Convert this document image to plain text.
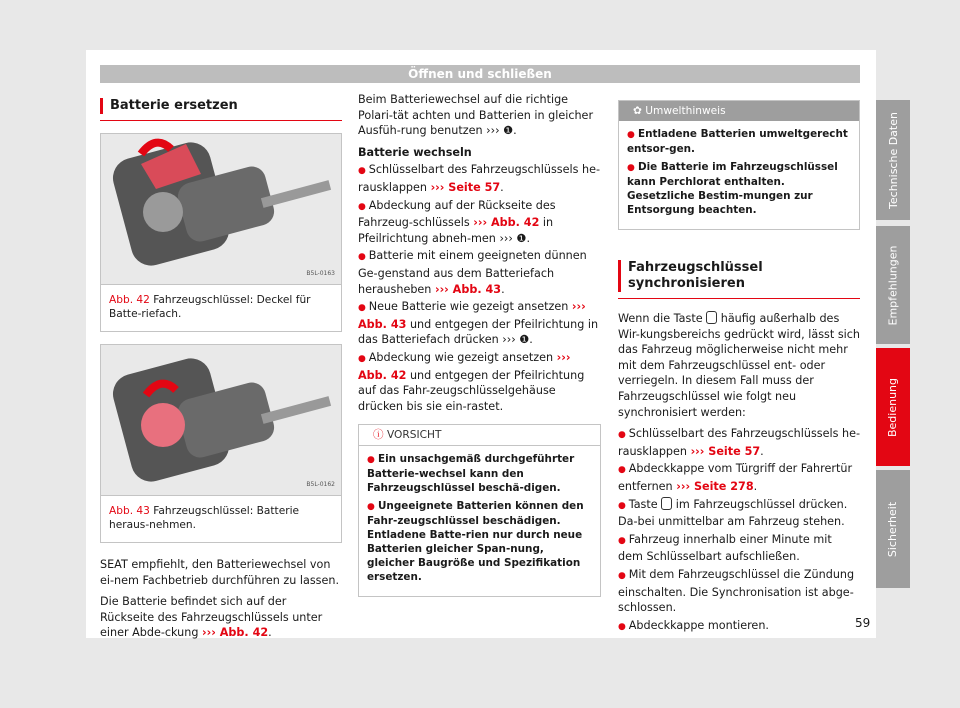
Öffnen und schließen
Batterie ersetzen
B5L-0163
Abb. 42 Fahrzeugschlüssel: Deckel für Batte-riefach.
B5L-0162
Abb. 43 Fahrzeugschlüssel: Batterie heraus-nehmen.

SEAT empfiehlt, den Batteriewechsel von ei-nem Fachbetrieb durchführen zu lassen.

Die Batterie befindet sich auf der Rückseite des Fahrzeugschlüssels unter einer Abde-ckung ››› Abb. 42.

Beim Batteriewechsel auf die richtige Polari-tät achten und Batterien in gleicher Ausfüh-rung benutzen ››› ❶.

Batterie wechseln

● Schlüsselbart des Fahrzeugschlüssels he-rausklappen ››› Seite 57.

● Abdeckung auf der Rückseite des Fahrzeug-schlüssels ››› Abb. 42 in Pfeilrichtung abneh-men ››› ❶.

● Batterie mit einem geeigneten dünnen Ge-genstand aus dem Batteriefach herausheben ››› Abb. 43.

● Neue Batterie wie gezeigt ansetzen ››› Abb. 43 und entgegen der Pfeilrichtung in das Batteriefach drücken ››› ❶.

● Abdeckung wie gezeigt ansetzen ››› Abb. 42 und entgegen der Pfeilrichtung auf das Fahr-zeugschlüsselgehäuse drücken bis sie ein-rastet.

ⓘ VORSICHT

● Ein unsachgemäß durchgeführter Batterie-wechsel kann den Fahrzeugschlüssel beschä-digen.

● Ungeeignete Batterien können den Fahr-zeugschlüssel beschädigen. Entladene Batte-rien nur durch neue Batterien gleicher Span-nung, gleicher Baugröße und Spezifikation ersetzen.

✿ Umwelthinweis

● Entladene Batterien umweltgerecht entsor-gen.

● Die Batterie im Fahrzeugschlüssel kann Perchlorat enthalten. Gesetzliche Bestim-mungen zur Entsorgung beachten.

Fahrzeugschlüssel synchronisieren

Wenn die Taste  häufig außerhalb des Wir-kungsbereichs gedrückt wird, lässt sich das Fahrzeug möglicherweise nicht mehr mit dem Fahrzeugschlüssel ent- oder verriegeln. In diesem Fall muss der Fahrzeugschlüssel wie folgt neu synchronisiert werden:

● Schlüsselbart des Fahrzeugschlüssels he-rausklappen ››› Seite 57.

● Abdeckkappe vom Türgriff der Fahrertür entfernen ››› Seite 278.

● Taste  im Fahrzeugschlüssel drücken. Da-bei unmittelbar am Fahrzeug stehen.

● Fahrzeug innerhalb einer Minute mit dem Schlüsselbart aufschließen.

● Mit dem Fahrzeugschlüssel die Zündung einschalten. Die Synchronisation ist abge-schlossen.

● Abdeckkappe montieren.

Technische Daten
Empfehlungen
Bedienung
Sicherheit
59
